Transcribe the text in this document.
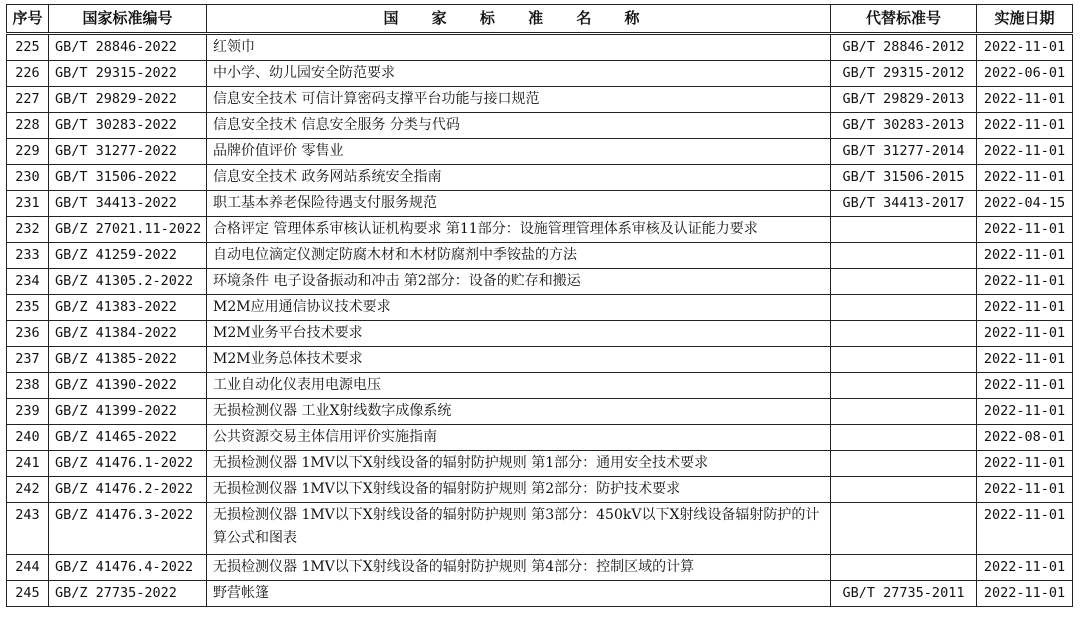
序号	国家标准编号	国 家 标 准 名 称	代替标准号	实施日期
225	GB/T 28846-2022	红领巾	GB/T 28846-2012	2022-11-01
226	GB/T 29315-2022	中小学、幼儿园安全防范要求	GB/T 29315-2012	2022-06-01
227	GB/T 29829-2022	信息安全技术 可信计算密码支撑平台功能与接口规范	GB/T 29829-2013	2022-11-01
228	GB/T 30283-2022	信息安全技术 信息安全服务 分类与代码	GB/T 30283-2013	2022-11-01
229	GB/T 31277-2022	品牌价值评价 零售业	GB/T 31277-2014	2022-11-01
230	GB/T 31506-2022	信息安全技术 政务网站系统安全指南	GB/T 31506-2015	2022-11-01
231	GB/T 34413-2022	职工基本养老保险待遇支付服务规范	GB/T 34413-2017	2022-04-15
232	GB/Z 27021.11-2022	合格评定 管理体系审核认证机构要求 第11部分：设施管理管理体系审核及认证能力要求		2022-11-01
233	GB/Z 41259-2022	自动电位滴定仪测定防腐木材和木材防腐剂中季铵盐的方法		2022-11-01
234	GB/Z 41305.2-2022	环境条件 电子设备振动和冲击 第2部分：设备的贮存和搬运		2022-11-01
235	GB/Z 41383-2022	M2M应用通信协议技术要求		2022-11-01
236	GB/Z 41384-2022	M2M业务平台技术要求		2022-11-01
237	GB/Z 41385-2022	M2M业务总体技术要求		2022-11-01
238	GB/Z 41390-2022	工业自动化仪表用电源电压		2022-11-01
239	GB/Z 41399-2022	无损检测仪器 工业X射线数字成像系统		2022-11-01
240	GB/Z 41465-2022	公共资源交易主体信用评价实施指南		2022-08-01
241	GB/Z 41476.1-2022	无损检测仪器 1MV以下X射线设备的辐射防护规则 第1部分：通用安全技术要求		2022-11-01
242	GB/Z 41476.2-2022	无损检测仪器 1MV以下X射线设备的辐射防护规则 第2部分：防护技术要求		2022-11-01
243	GB/Z 41476.3-2022	无损检测仪器 1MV以下X射线设备的辐射防护规则 第3部分：450kV以下X射线设备辐射防护的计算公式和图表		2022-11-01
244	GB/Z 41476.4-2022	无损检测仪器 1MV以下X射线设备的辐射防护规则 第4部分：控制区域的计算		2022-11-01
245	GB/Z 27735-2022	野营帐篷	GB/T 27735-2011	2022-11-01
